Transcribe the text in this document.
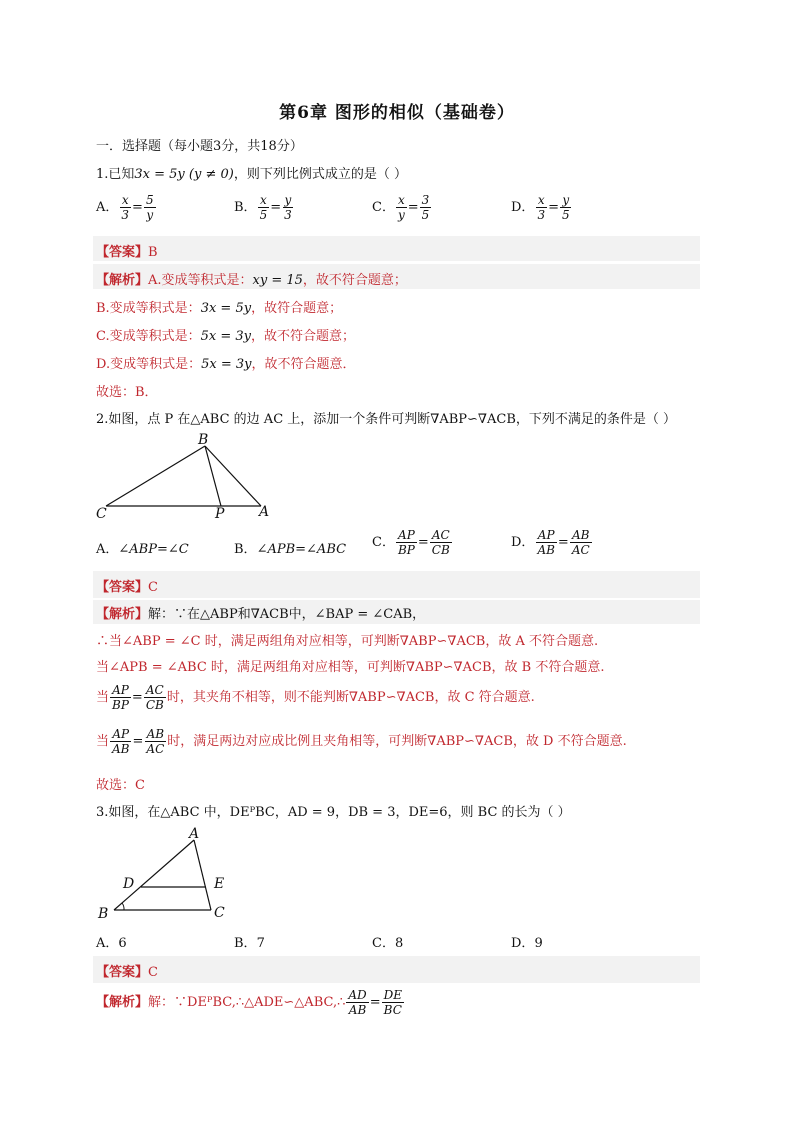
第6章 图形的相似（基础卷）
一．选择题（每小题3分，共18分）
1.已知3x = 5y (y ≠ 0)，则下列比例式成立的是（ ）
A． $\frac{x}{3} = \frac{5}{y}$	B． $\frac{x}{5} = \frac{y}{3}$	C． $\frac{x}{y} = \frac{3}{5}$	D． $\frac{x}{3} = \frac{y}{5}$
【答案】B
【解析】A.变成等积式是：xy = 15，故不符合题意；
B.变成等积式是：3x = 5y，故符合题意；
C.变成等积式是：5x = 3y，故不符合题意；
D.变成等积式是：5x = 3y，故不符合题意．
故选：B．
2.如图，点 P 在△ABC 的边 AC 上，添加一个条件可判断∇ABP∽∇ACB，下列不满足的条件是（ ）
B
C	P A
A．∠ABP=∠C	B．∠APB=∠ABC C． $\frac{AP}{BP} = \frac{AC}{CB}$	D． $\frac{AP}{AB} = \frac{AB}{AC}$
【答案】C
【解析】解：∵在△ABP和∇ACB中，∠BAP = ∠CAB，
∴当∠ABP = ∠C 时，满足两组角对应相等，可判断∇ABP∽∇ACB，故 A 不符合题意.
当∠APB = ∠ABC 时，满足两组角对应相等，可判断∇ABP∽∇ACB，故 B 不符合题意.
当 $\frac{AP}{BP} = \frac{AC}{CB}$ 时，其夹角不相等，则不能判断∇ABP∽∇ACB，故 C 符合题意.
当 $\frac{AP}{AB} = \frac{AB}{AC}$ 时，满足两边对应成比例且夹角相等，可判断∇ABP∽∇ACB，故 D 不符合题意.
故选：C
3.如图，在△ABC 中，DEᴾBC，AD = 9，DB = 3，DE=6，则 BC 的长为（ ）
A
D	E
B	C
A．6	B．7	C．8	D．9
【答案】C
【解析】解：∵DEᴾBC,∴△ADE∽△ABC,∴ $\frac{AD}{AB} = \frac{DE}{BC}$
